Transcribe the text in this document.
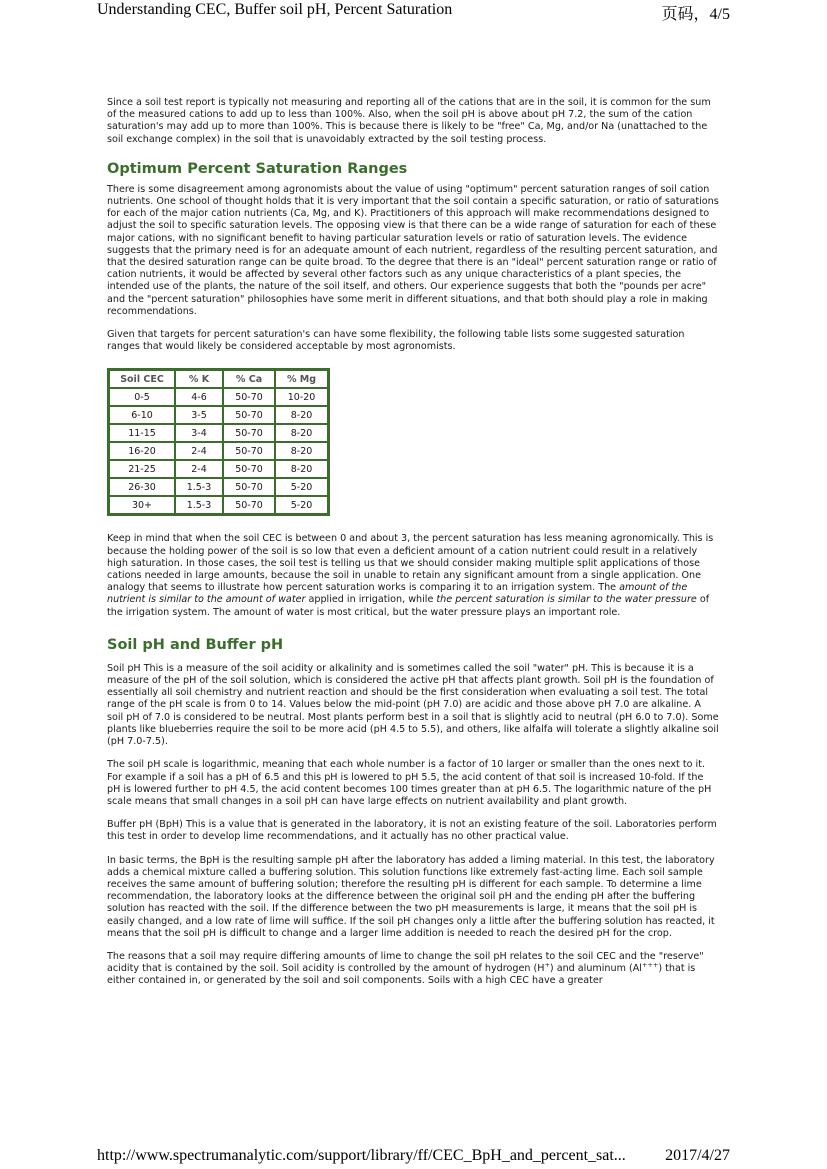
Understanding CEC, Buffer soil pH, Percent Saturation	页码，4/5

Since a soil test report is typically not measuring and reporting all of the cations that are in the soil, it is common for the sum of the measured cations to add up to less than 100%. Also, when the soil pH is above about pH 7.2, the sum of the cation saturation's may add up to more than 100%. This is because there is likely to be "free" Ca, Mg, and/or Na (unattached to the soil exchange complex) in the soil that is unavoidably extracted by the soil testing process.

Optimum Percent Saturation Ranges

There is some disagreement among agronomists about the value of using "optimum" percent saturation ranges of soil cation nutrients. One school of thought holds that it is very important that the soil contain a specific saturation, or ratio of saturations for each of the major cation nutrients (Ca, Mg, and K). Practitioners of this approach will make recommendations designed to adjust the soil to specific saturation levels. The opposing view is that there can be a wide range of saturation for each of these major cations, with no significant benefit to having particular saturation levels or ratio of saturation levels. The evidence suggests that the primary need is for an adequate amount of each nutrient, regardless of the resulting percent saturation, and that the desired saturation range can be quite broad. To the degree that there is an "ideal" percent saturation range or ratio of cation nutrients, it would be affected by several other factors such as any unique characteristics of a plant species, the intended use of the plants, the nature of the soil itself, and others. Our experience suggests that both the "pounds per acre" and the "percent saturation" philosophies have some merit in different situations, and that both should play a role in making recommendations.

Given that targets for percent saturation's can have some flexibility, the following table lists some suggested saturation ranges that would likely be considered acceptable by most agronomists.

Soil CEC	% K	% Ca	% Mg
0-5	4-6	50-70	10-20
6-10	3-5	50-70	8-20
11-15	3-4	50-70	8-20
16-20	2-4	50-70	8-20
21-25	2-4	50-70	8-20
26-30	1.5-3	50-70	5-20
30+	1.5-3	50-70	5-20

Keep in mind that when the soil CEC is between 0 and about 3, the percent saturation has less meaning agronomically. This is because the holding power of the soil is so low that even a deficient amount of a cation nutrient could result in a relatively high saturation. In those cases, the soil test is telling us that we should consider making multiple split applications of those cations needed in large amounts, because the soil in unable to retain any significant amount from a single application. One analogy that seems to illustrate how percent saturation works is comparing it to an irrigation system. The amount of the nutrient is similar to the amount of water applied in irrigation, while the percent saturation is similar to the water pressure of the irrigation system. The amount of water is most critical, but the water pressure plays an important role.

Soil pH and Buffer pH

Soil pH This is a measure of the soil acidity or alkalinity and is sometimes called the soil "water" pH. This is because it is a measure of the pH of the soil solution, which is considered the active pH that affects plant growth. Soil pH is the foundation of essentially all soil chemistry and nutrient reaction and should be the first consideration when evaluating a soil test. The total range of the pH scale is from 0 to 14. Values below the mid-point (pH 7.0) are acidic and those above pH 7.0 are alkaline. A soil pH of 7.0 is considered to be neutral. Most plants perform best in a soil that is slightly acid to neutral (pH 6.0 to 7.0). Some plants like blueberries require the soil to be more acid (pH 4.5 to 5.5), and others, like alfalfa will tolerate a slightly alkaline soil (pH 7.0-7.5).

The soil pH scale is logarithmic, meaning that each whole number is a factor of 10 larger or smaller than the ones next to it. For example if a soil has a pH of 6.5 and this pH is lowered to pH 5.5, the acid content of that soil is increased 10-fold. If the pH is lowered further to pH 4.5, the acid content becomes 100 times greater than at pH 6.5. The logarithmic nature of the pH scale means that small changes in a soil pH can have large effects on nutrient availability and plant growth.

Buffer pH (BpH) This is a value that is generated in the laboratory, it is not an existing feature of the soil. Laboratories perform this test in order to develop lime recommendations, and it actually has no other practical value.

In basic terms, the BpH is the resulting sample pH after the laboratory has added a liming material. In this test, the laboratory adds a chemical mixture called a buffering solution. This solution functions like extremely fast-acting lime. Each soil sample receives the same amount of buffering solution; therefore the resulting pH is different for each sample. To determine a lime recommendation, the laboratory looks at the difference between the original soil pH and the ending pH after the buffering solution has reacted with the soil. If the difference between the two pH measurements is large, it means that the soil pH is easily changed, and a low rate of lime will suffice. If the soil pH changes only a little after the buffering solution has reacted, it means that the soil pH is difficult to change and a larger lime addition is needed to reach the desired pH for the crop.

The reasons that a soil may require differing amounts of lime to change the soil pH relates to the soil CEC and the "reserve" acidity that is contained by the soil. Soil acidity is controlled by the amount of hydrogen (H+) and aluminum (Al+++) that is either contained in, or generated by the soil and soil components. Soils with a high CEC have a greater

http://www.spectrumanalytic.com/support/library/ff/CEC_BpH_and_percent_sat... 2017/4/27
